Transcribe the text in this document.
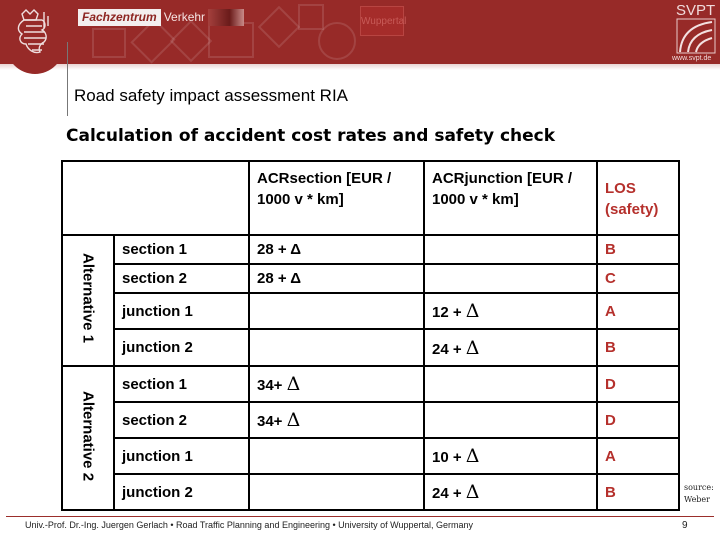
Wuppertal
Fachzentrum Verkehr	SVPT
www.svpt.de
Road safety impact assessment RIA
Calculation of accident cost rates and safety check
		ACRsection [EUR / 1000 v * km]	ACRjunction [EUR / 1000 v * km]	LOS (safety)
Alternative 1	section 1	28 + Δ		B
	section 2	28 + Δ		C
	junction 1		12 + Δ	A
	junction 2		24 + Δ	B
Alternative 2	section 1	34+ Δ		D
	section 2	34+ Δ		D
	junction 1		10 + Δ	A
	junction 2		24 + Δ	B	source:
Weber
Univ.-Prof. Dr.-Ing. Juergen Gerlach • Road Traffic Planning and Engineering • University of Wuppertal, Germany	9
